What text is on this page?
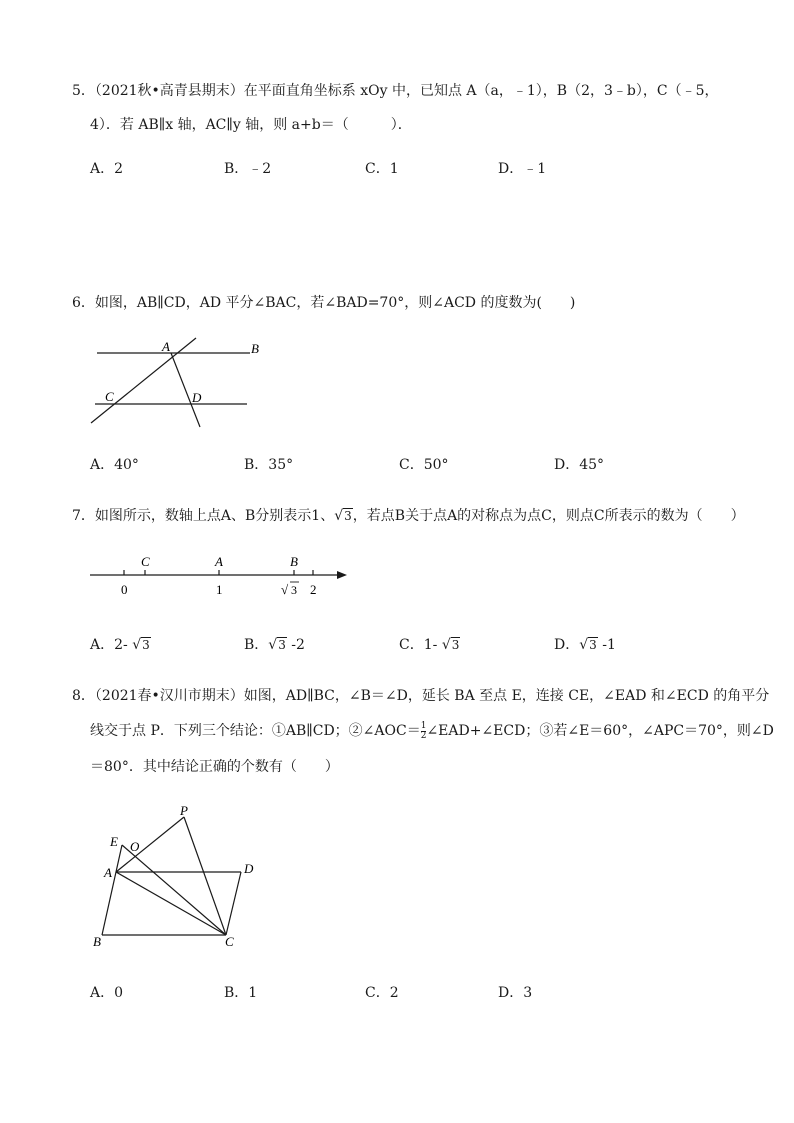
5．（2021秋•高青县期末）在平面直角坐标系 xOy 中，已知点 A（a，﹣1），B（2，3﹣b），C（﹣5，
4）．若 AB∥x 轴，AC∥y 轴，则 a+b＝（　　　）．
A．2	B．﹣2	C．1	D．﹣1
6．如图，AB∥CD，AD 平分∠BAC，若∠BAD=70°，则∠ACD 的度数为(　　)
A	B
C	D
A．40°	B．35°	C．50°	D．45°
7．如图所示，数轴上点A、B分别表示1、√3，若点B关于点A的对称点为点C，则点C所表示的数为（　　）
C	A	B
0	1	√ 3 2
A．2- √3	B．√3 -2	C．1- √3	D．√3 -1
8．（2021春•汉川市期末）如图，AD∥BC，∠B＝∠D，延长 BA 至点 E，连接 CE，∠EAD 和∠ECD 的角平分
线交于点 P．下列三个结论：①AB∥CD；②∠AOC＝ $\frac{1}{2}$ ∠EAD+∠ECD；③若∠E＝60°，∠APC＝70°，则∠D
＝80°．其中结论正确的个数有（　　）
P
E O
A	D
B	C
A．0	B．1	C．2	D．3
